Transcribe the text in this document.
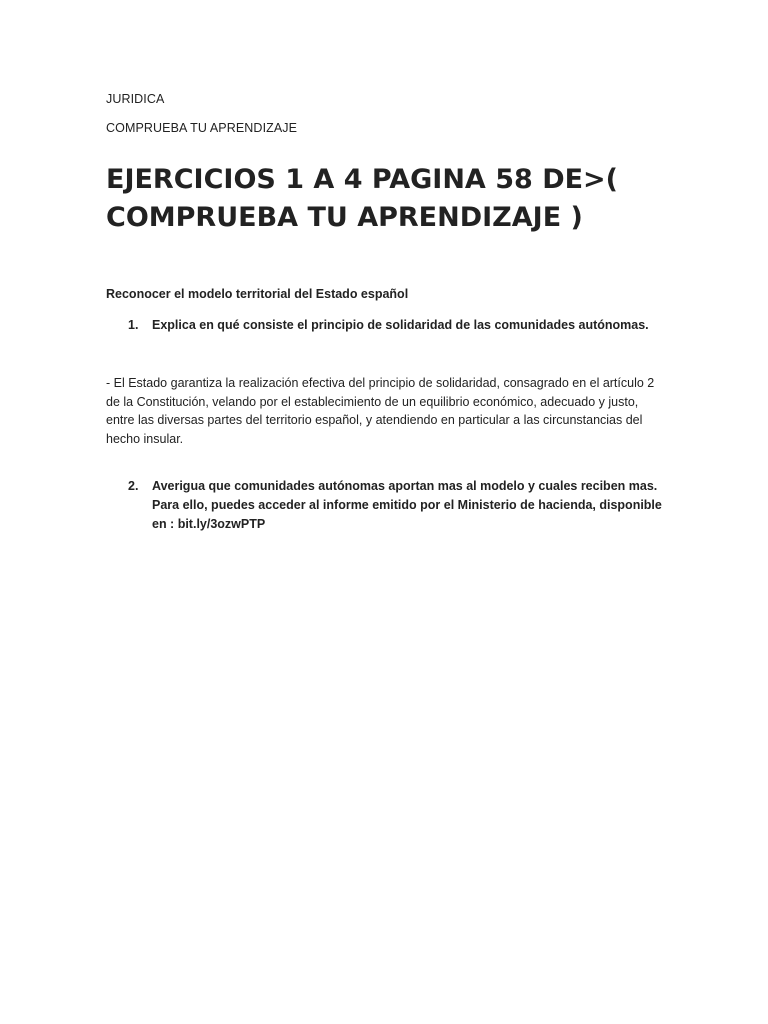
JURIDICA
COMPRUEBA TU APRENDIZAJE
EJERCICIOS 1 A 4 PAGINA 58 DE>(
COMPRUEBA TU APRENDIZAJE )
Reconocer el modelo territorial del Estado español
1.	Explica en qué consiste el principio de solidaridad de las comunidades autónomas.

- El Estado garantiza la realización efectiva del principio de solidaridad, consagrado en el artículo 2 de la Constitución, velando por el establecimiento de un equilibrio económico, adecuado y justo, entre las diversas partes del territorio español, y atendiendo en particular a las circunstancias del hecho insular.

2.	Averigua que comunidades autónomas aportan mas al modelo y cuales reciben mas.
Para ello, puedes acceder al informe emitido por el Ministerio de hacienda, disponible
en : bit.ly/3ozwPTP
